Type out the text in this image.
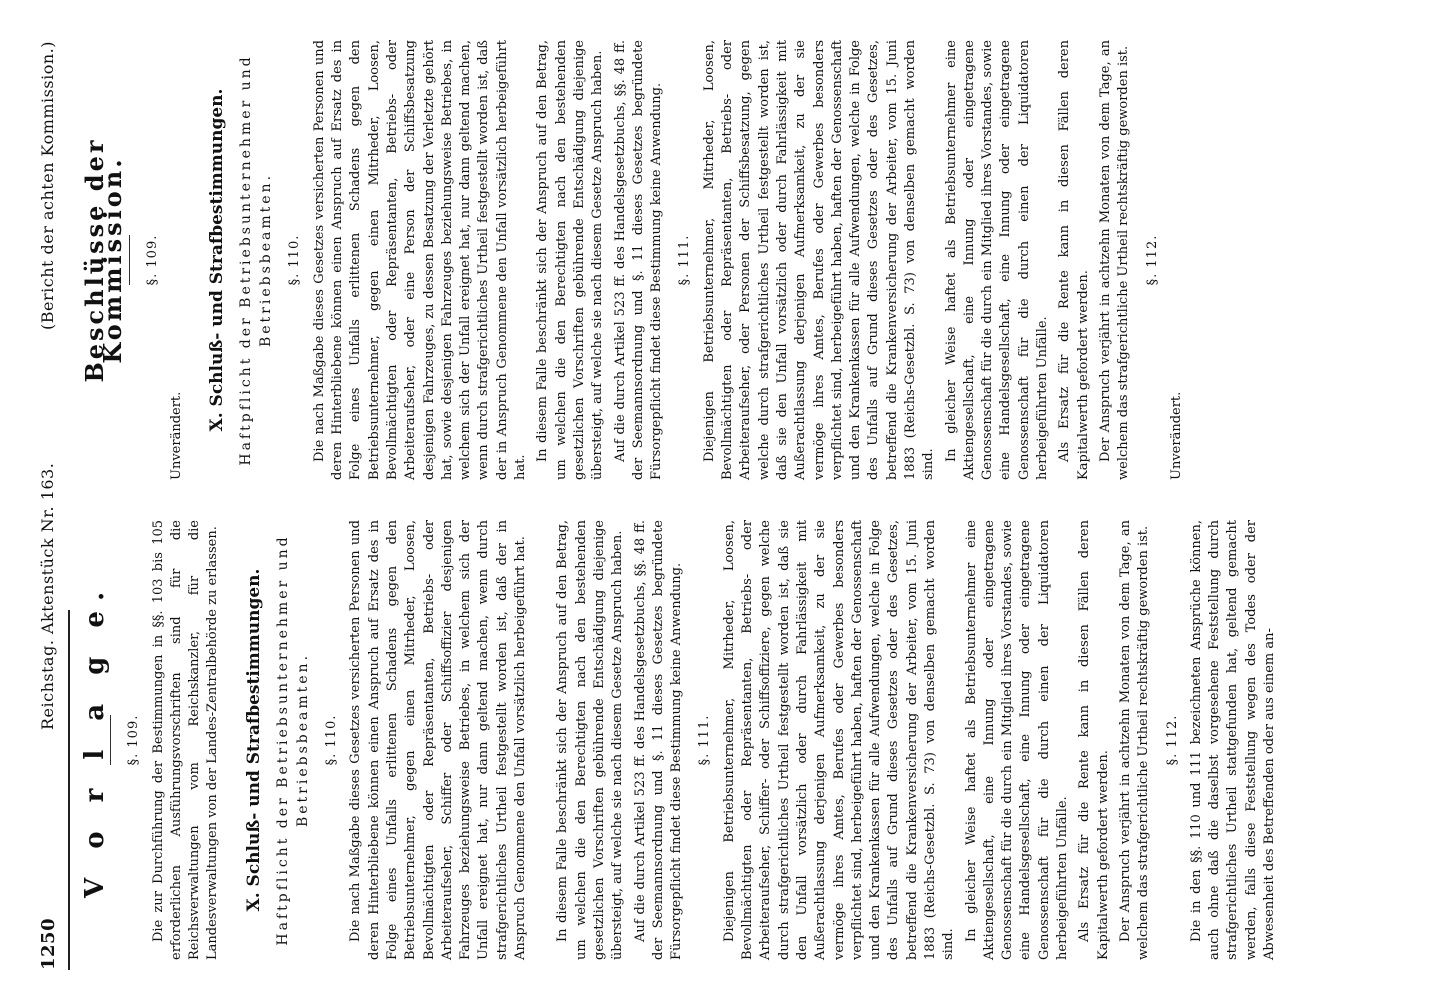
1250
Reichstag. Aktenstück Nr. 163.
(Bericht der achten Kommission.)
V o r l a g e. §. 109. Die zur Durchführung der Bestimmungen in §§. 103 bis 105 erforderlichen Ausführungsvorschriften sind für die Reichsverwaltungen vom Reichskanzler, für die Landesverwaltungen von der Landes-Zentralbehörde zu erlassen. X. Schluß- und Strafbestimmungen. Haftpflicht der Betriebsunternehmer und Betriebsbeamten. §. 110. Die nach Maßgabe dieses Gesetzes versicherten Personen und deren Hinterbliebene können einen Anspruch auf Ersatz des in Folge eines Unfalls erlittenen Schadens gegen den Betriebsunternehmer, gegen einen Mitrheder, Loosen, Bevollmächtigten oder Repräsentanten, Betriebs- oder Arbeiteraufseher, Schiffer oder Schiffsoffizier desjenigen Fahrzeuges beziehungsweise Betriebes, in welchem sich der Unfall ereignet hat, nur dann geltend machen, wenn durch strafgerichtliches Urtheil festgestellt worden ist, daß der in Anspruch Genommene den Unfall vorsätzlich herbeigeführt hat. In diesem Falle beschränkt sich der Anspruch auf den Betrag, um welchen die den Berechtigten nach den bestehenden gesetzlichen Vorschriften gebührende Entschädigung diejenige übersteigt, auf welche sie nach diesem Gesetze Anspruch haben. Auf die durch Artikel 523 ff. des Handelsgesetzbuchs, §§. 48 ff. der Seemannsordnung und §. 11 dieses Gesetzes begründete Fürsorgepflicht findet diese Bestimmung keine Anwendung. §. 111. Diejenigen Betriebsunternehmer, Mitrheder, Loosen, Bevollmächtigten oder Repräsentanten, Betriebs- oder Arbeiteraufseher, Schiffer- oder Schiffsoffiziere, gegen welche durch strafgerichtliches Urtheil festgestellt worden ist, daß sie den Unfall vorsätzlich oder durch Fahrlässigkeit mit Außerachtlassung derjenigen Aufmerksamkeit, zu der sie vermöge ihres Amtes, Berufes oder Gewerbes besonders verpflichtet sind, herbeigeführt haben, haften der Genossenschaft und den Krankenkassen für alle Aufwendungen, welche in Folge des Unfalls auf Grund dieses Gesetzes oder des Gesetzes, betreffend die Krankenversicherung der Arbeiter, vom 15. Juni 1883 (Reichs-Gesetzbl. S. 73) von denselben gemacht worden sind.
In gleicher Weise haftet als Betriebsunternehmer eine Aktiengesellschaft, eine Innung oder eingetragene Genossenschaft für die durch ein Mitglied ihres Vorstandes, sowie eine Handelsgesellschaft, eine Innung oder eingetragene Genossenschaft für die durch einen der Liquidatoren herbeigeführten Unfälle. Als Ersatz für die Rente kann in diesen Fällen deren Kapitalwerth gefordert werden. Der Anspruch verjährt in achtzehn Monaten von dem Tage, an welchem das strafgerichtliche Urtheil rechtskräftig geworden ist. §. 112. Die in den §§. 110 und 111 bezeichneten Ansprüche können, auch ohne daß die daselbst vorgesehene Feststellung durch strafgerichtliches Urtheil stattgefunden hat, geltend gemacht werden, falls diese Feststellung wegen des Todes oder der Abwesenheit des Betreffenden oder aus einem an-
Beschlüsse der Kommission. §. 109.
Unverändert.
X. Schluß- und Strafbestimmungen. Haftpflicht der Betriebsunternehmer und Betriebsbeamten. §. 110. Die nach Maßgabe dieses Gesetzes versicherten Personen und deren Hinterbliebene können einen Anspruch auf Ersatz des in Folge eines Unfalls erlittenen Schadens gegen den Betriebsunternehmer, gegen einen Mitrheder, Loosen, Bevollmächtigten oder Repräsentanten, Betriebs- oder Arbeiteraufseher, oder eine Person der Schiffsbesatzung desjenigen Fahrzeuges, zu dessen Besatzung der Verletzte gehört hat, sowie desjenigen Fahrzeuges beziehungsweise Betriebes, in welchem sich der Unfall ereignet hat, nur dann geltend machen, wenn durch strafgerichtliches Urtheil festgestellt worden ist, daß der in Anspruch Genommene den Unfall vorsätzlich herbeigeführt hat.
In diesem Falle beschränkt sich der Anspruch auf den Betrag, um welchen die den Berechtigten nach den bestehenden gesetzlichen Vorschriften gebührende Entschädigung diejenige übersteigt, auf welche sie nach diesem Gesetze Anspruch haben. Auf die durch Artikel 523 ff. des Handelsgesetzbuchs, §§. 48 ff. der Seemannsordnung und §. 11 dieses Gesetzes begründete Fürsorgepflicht findet diese Bestimmung keine Anwendung. §. 111. Diejenigen Betriebsunternehmer, Mitrheder, Loosen, Bevollmächtigten oder Repräsentanten, Betriebs- oder Arbeiteraufseher, oder Personen der Schiffsbesatzung, gegen welche durch strafgerichtliches Urtheil festgestellt worden ist, daß sie den Unfall vorsätzlich oder durch Fahrlässigkeit mit Außerachtlassung derjenigen Aufmerksamkeit, zu der sie vermöge ihres Amtes, Berufes oder Gewerbes besonders verpflichtet sind, herbeigeführt haben, haften der Genossenschaft und den Krankenkassen für alle Aufwendungen, welche in Folge des Unfalls auf Grund dieses Gesetzes oder des Gesetzes, betreffend die Krankenversicherung der Arbeiter, vom 15. Juni 1883 (Reichs-Gesetzbl. S. 73) von denselben gemacht worden sind.
In gleicher Weise haftet als Betriebsunternehmer eine Aktiengesellschaft, eine Innung oder eingetragene Genossenschaft für die durch ein Mitglied ihres Vorstandes, sowie eine Handelsgesellschaft, eine Innung oder eingetragene Genossenschaft für die durch einen der Liquidatoren herbeigeführten Unfälle. Als Ersatz für die Rente kann in diesen Fällen deren Kapitalwerth gefordert werden. Der Anspruch verjährt in achtzehn Monaten von dem Tage, an welchem das strafgerichtliche Urtheil rechtskräftig geworden ist. §. 112.
Unverändert.
